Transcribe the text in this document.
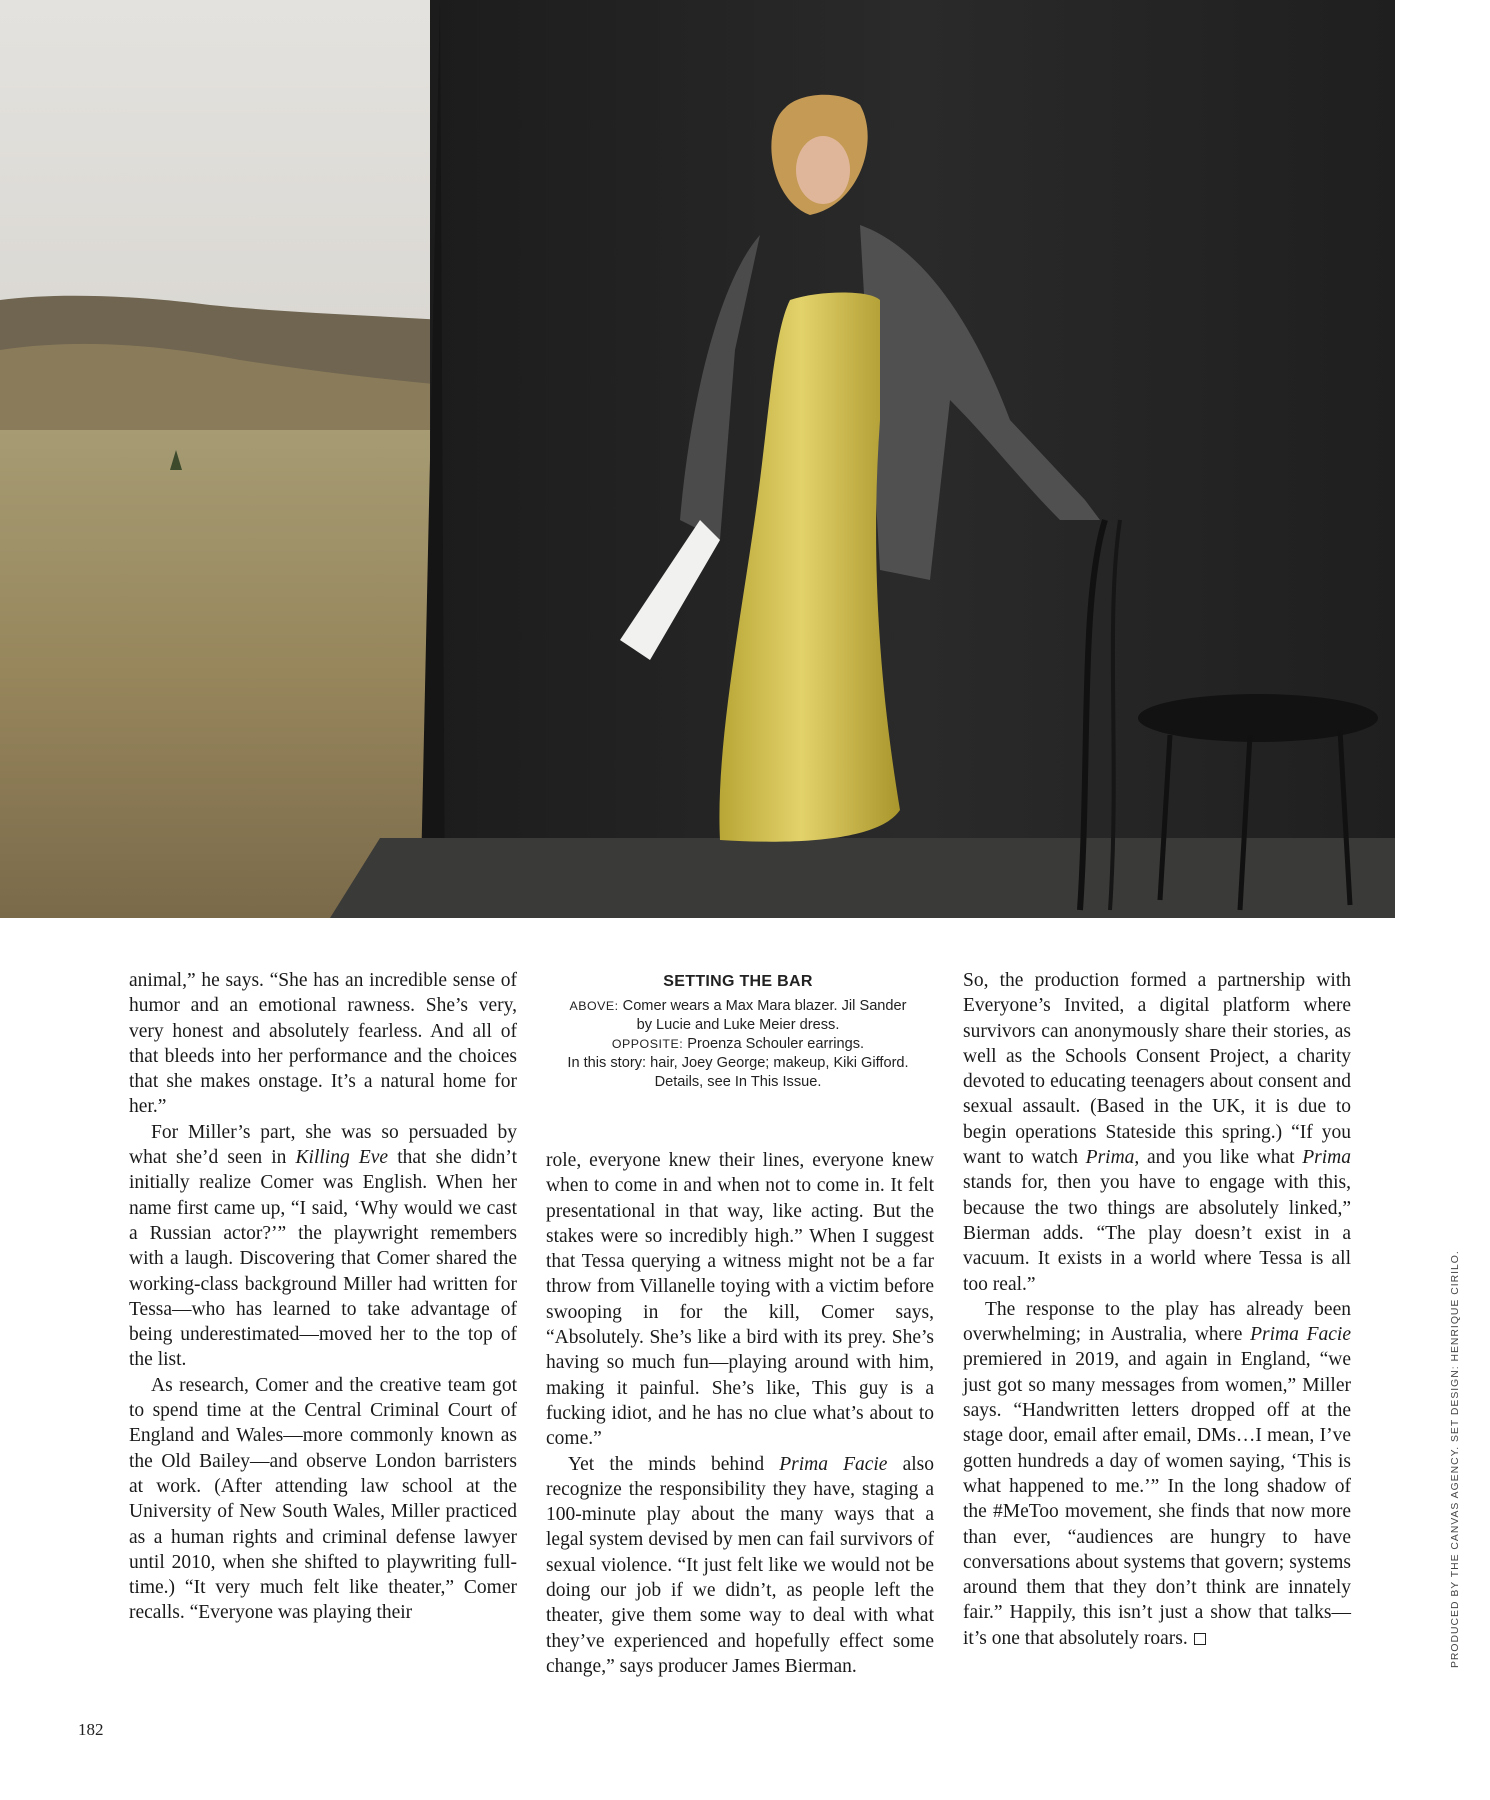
animal,” he says. “She has an incredible sense of humor and an emotional rawness. She’s very, very honest and absolutely fearless. And all of that bleeds into her performance and the choices that she makes onstage. It’s a natural home for her.”

For Miller’s part, she was so persuaded by what she’d seen in Killing Eve that she didn’t initially realize Comer was English. When her name first came up, “I said, ‘Why would we cast a Russian actor?’” the playwright remembers with a laugh. Discovering that Comer shared the working-class background Miller had written for Tessa—who has learned to take advantage of being underestimated—moved her to the top of the list.

As research, Comer and the creative team got to spend time at the Central Criminal Court of England and Wales—more commonly known as the Old Bailey—and observe London barristers at work. (After attending law school at the University of New South Wales, Miller practiced as a human rights and criminal defense lawyer until 2010, when she shifted to playwriting full-time.) “It very much felt like theater,” Comer recalls. “Everyone was playing their

SETTING THE BAR
ABOVE: Comer wears a Max Mara blazer. Jil Sander by Lucie and Luke Meier dress.
OPPOSITE: Proenza Schouler earrings.
In this story: hair, Joey George; makeup, Kiki Gifford. Details, see In This Issue.

role, everyone knew their lines, everyone knew when to come in and when not to come in. It felt presentational in that way, like acting. But the stakes were so incredibly high.” When I suggest that Tessa querying a witness might not be a far throw from Villanelle toying with a victim before swooping in for the kill, Comer says, “Absolutely. She’s like a bird with its prey. She’s having so much fun—playing around with him, making it painful. She’s like, This guy is a fucking idiot, and he has no clue what’s about to come.”

Yet the minds behind Prima Facie also recognize the responsibility they have, staging a 100-minute play about the many ways that a legal system devised by men can fail survivors of sexual violence. “It just felt like we would not be doing our job if we didn’t, as people left the theater, give them some way to deal with what they’ve experienced and hopefully effect some change,” says producer James Bierman.

So, the production formed a partnership with Everyone’s Invited, a digital platform where survivors can anonymously share their stories, as well as the Schools Consent Project, a charity devoted to educating teenagers about consent and sexual assault. (Based in the UK, it is due to begin operations Stateside this spring.) “If you want to watch Prima, and you like what Prima stands for, then you have to engage with this, because the two things are absolutely linked,” Bierman adds. “The play doesn’t exist in a vacuum. It exists in a world where Tessa is all too real.”

The response to the play has already been overwhelming; in Australia, where Prima Facie premiered in 2019, and again in England, “we just got so many messages from women,” Miller says. “Handwritten letters dropped off at the stage door, email after email, DMs…I mean, I’ve gotten hundreds a day of women saying, ‘This is what happened to me.’” In the long shadow of the #MeToo movement, she finds that now more than ever, “audiences are hungry to have conversations about systems that govern; systems around them that they don’t think are innately fair.” Happily, this isn’t just a show that talks—it’s one that absolutely roars.	PRODUCED BY THE CANVAS AGENCY. SET DESIGN: HENRIQUE CIRILO.
182
